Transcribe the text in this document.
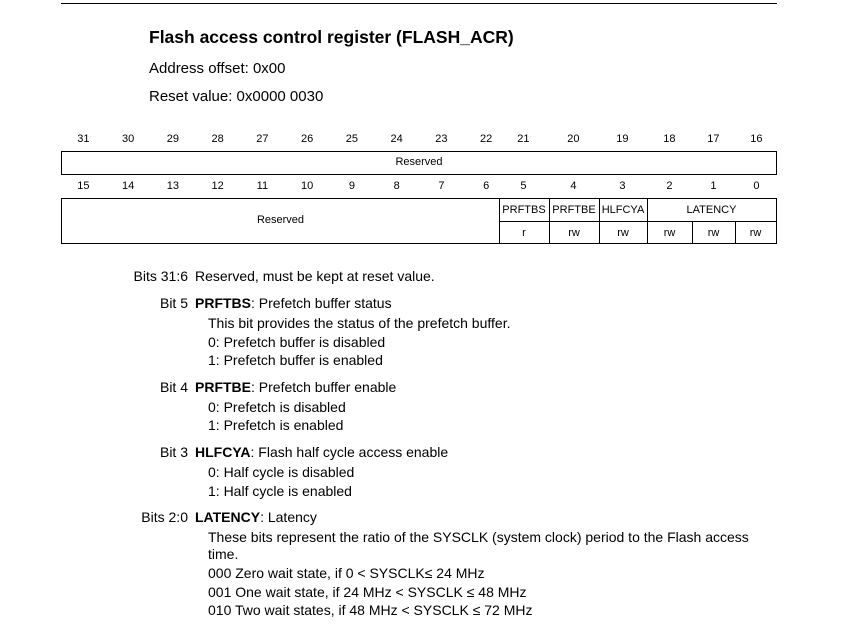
Flash access control register (FLASH_ACR)
Address offset: 0x00
Reset value: 0x0000 0030
31	30	29	28	27	26	25	24	23	22	21	20	19	18	17	16
Reserved
15	14	13	12	11	10	9	8	7	6	5	4	3	2	1	0
Reserved
PRFTBS PRFTBE HLFCYA	LATENCY
r	rw	rw	rw	rw	rw
Bits 31:6 Reserved, must be kept at reset value.
Bit 5 PRFTBS: Prefetch buffer status
This bit provides the status of the prefetch buffer.
0: Prefetch buffer is disabled
1: Prefetch buffer is enabled
Bit 4 PRFTBE: Prefetch buffer enable
0: Prefetch is disabled
1: Prefetch is enabled
Bit 3 HLFCYA: Flash half cycle access enable
0: Half cycle is disabled
1: Half cycle is enabled
Bits 2:0 LATENCY: Latency
These bits represent the ratio of the SYSCLK (system clock) period to the Flash access
time.
000 Zero wait state, if 0 < SYSCLK≤ 24 MHz
001 One wait state, if 24 MHz < SYSCLK ≤ 48 MHz
010 Two wait states, if 48 MHz < SYSCLK ≤ 72 MHz
